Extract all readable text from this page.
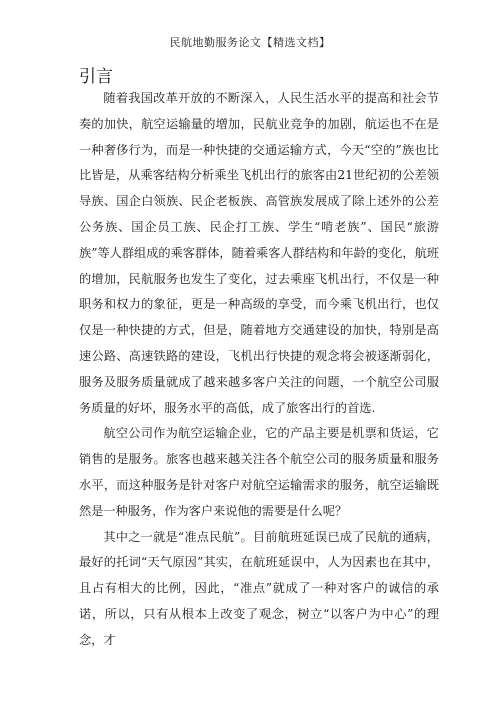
民航地勤服务论文【精选文档】
引言

随着我国改革开放的不断深入，人民生活水平的提高和社会节奏的加快，航空运输量的增加，民航业竞争的加剧，航运也不在是一种奢侈行为，而是一种快捷的交通运输方式，今天“空的”族也比比皆是，从乘客结构分析乘坐飞机出行的旅客由21世纪初的公差领导族、国企白领族、民企老板族、高管族发展成了除上述外的公差公务族、国企员工族、民企打工族、学生“啃老族”、国民“旅游族”等人群组成的乘客群体，随着乘客人群结构和年龄的变化，航班的增加，民航服务也发生了变化，过去乘座飞机出行，不仅是一种职务和权力的象征，更是一种高级的享受，而今乘飞机出行，也仅仅是一种快捷的方式，但是，随着地方交通建设的加快，特别是高速公路、高速铁路的建设，飞机出行快捷的观念将会被逐渐弱化，服务及服务质量就成了越来越多客户关注的问题，一个航空公司服务质量的好坏，服务水平的高低，成了旅客出行的首选.

航空公司作为航空运输企业，它的产品主要是机票和货运，它销售的是服务。旅客也越来越关注各个航空公司的服务质量和服务水平，而这种服务是针对客户对航空运输需求的服务，航空运输既然是一种服务，作为客户来说他的需要是什么呢？

其中之一就是“准点民航”。目前航班延误已成了民航的通病，最好的托词“天气原因”其实，在航班延误中，人为因素也在其中，且占有相大的比例，因此，“准点”就成了一种对客户的诚信的承诺，所以，只有从根本上改变了观念，树立“以客户为中心”的理念，才
